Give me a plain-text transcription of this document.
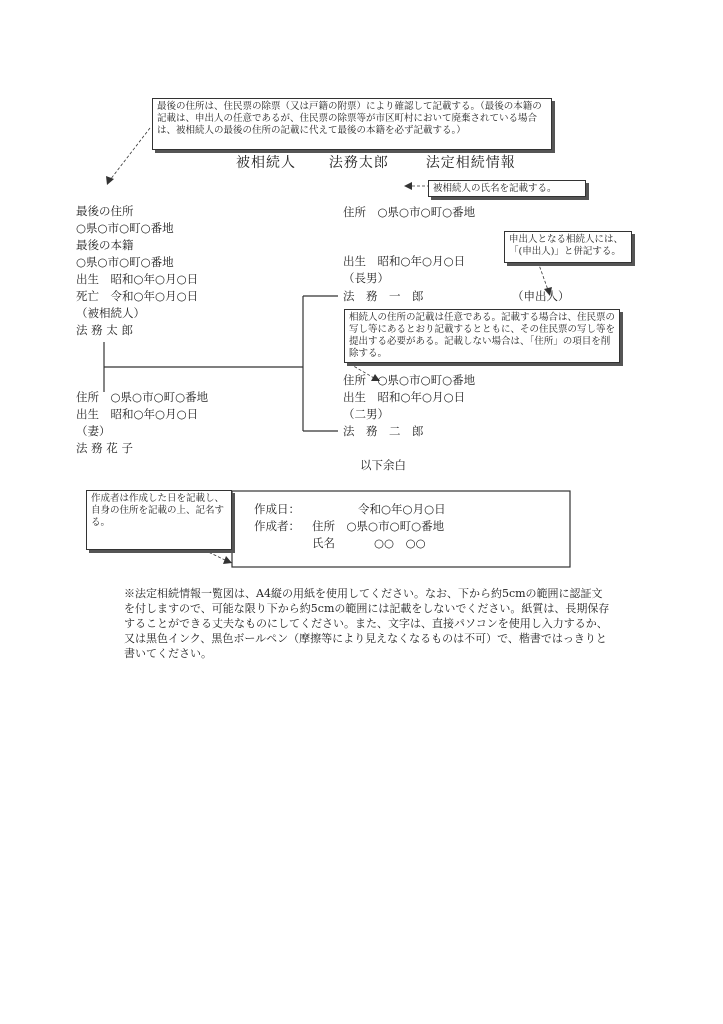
最後の住所は、住民票の除票（又は戸籍の附票）により確認して記載する。（最後の本籍の記載は、申出人の任意であるが、住民票の除票等が市区町村において廃棄されている場合は、被相続人の最後の住所の記載に代えて最後の本籍を必ず記載する。）
被相続人の氏名を記載する。
申出人となる相続人には、「(申出人)」と併記する。
相続人の住所の記載は任意である。記載する場合は、住民票の写し等にあるとおり記載するとともに、その住民票の写し等を提出する必要がある。記載しない場合は、「住所」の項目を削除する。
作成者は作成した日を記載し、自身の住所を記載の上、記名する。
被相続人 法務太郎	法定相続情報
最後の住所
○県○市○町○番地
最後の本籍
○県○市○町○番地
出生　昭和○年○月○日
死亡　令和○年○月○日
（被相続人）
法 務 太 郎
住所　○県○市○町○番地
出生　昭和○年○月○日
（妻）
法 務 花 子
住所　○県○市○町○番地
出生　昭和○年○月○日
（長男）
法　務　一　郎	（申出人）
住所　○県○市○町○番地
出生　昭和○年○月○日
（二男）
法　務　二　郎
以下余白
作成日：	令和○年○月○日
作成者： 住所　○県○市○町○番地
氏名	○○　○○
※法定相続情報一覧図は、A4縦の用紙を使用してください。なお、下から約5cmの範囲に認証文を付しますので、可能な限り下から約5cmの範囲には記載をしないでください。紙質は、長期保存することができる丈夫なものにしてください。また、文字は、直接パソコンを使用し入力するか、又は黒色インク、黒色ボールペン（摩擦等により見えなくなるものは不可）で、楷書ではっきりと書いてください。
